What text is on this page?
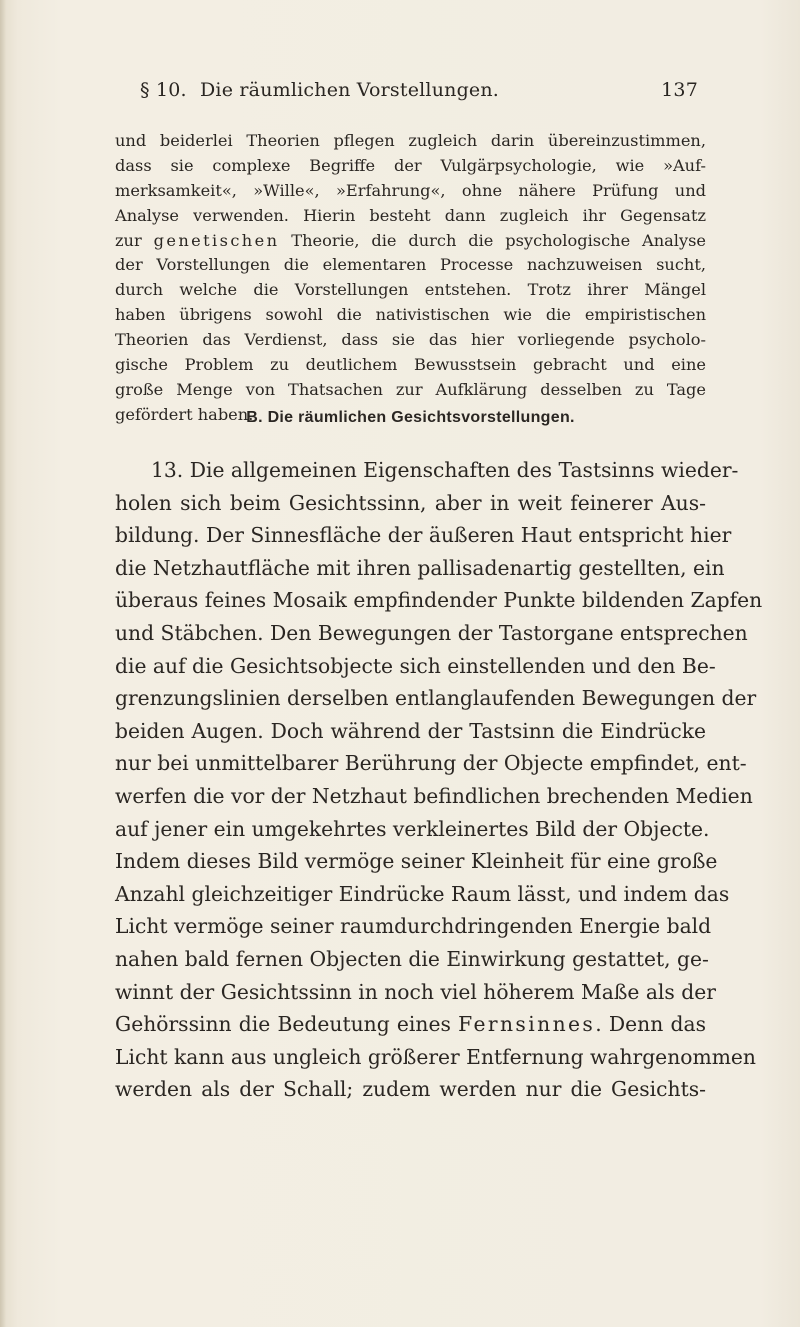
§ 10. Die räumlichen Vorstellungen.	137
und beiderlei Theorien pflegen zugleich darin übereinzustimmen,
dass sie complexe Begriffe der Vulgärpsychologie, wie »Auf-
merksamkeit«, »Wille«, »Erfahrung«, ohne nähere Prüfung und
Analyse verwenden. Hierin besteht dann zugleich ihr Gegensatz
zur genetischen Theorie, die durch die psychologische Analyse
der Vorstellungen die elementaren Processe nachzuweisen sucht,
durch welche die Vorstellungen entstehen. Trotz ihrer Mängel
haben übrigens sowohl die nativistischen wie die empiristischen
Theorien das Verdienst, dass sie das hier vorliegende psycholo-
gische Problem zu deutlichem Bewusstsein gebracht und eine
große Menge von Thatsachen zur Aufklärung desselben zu Tage
gefördert haben.
B. Die räumlichen Gesichtsvorstellungen.
13. Die allgemeinen Eigenschaften des Tastsinns wieder-
holen sich beim Gesichtssinn, aber in weit feinerer Aus-
bildung. Der Sinnesfläche der äußeren Haut entspricht hier
die Netzhautfläche mit ihren pallisadenartig gestellten, ein
überaus feines Mosaik empfindender Punkte bildenden Zapfen
und Stäbchen. Den Bewegungen der Tastorgane entsprechen
die auf die Gesichtsobjecte sich einstellenden und den Be-
grenzungslinien derselben entlanglaufenden Bewegungen der
beiden Augen. Doch während der Tastsinn die Eindrücke
nur bei unmittelbarer Berührung der Objecte empfindet, ent-
werfen die vor der Netzhaut befindlichen brechenden Medien
auf jener ein umgekehrtes verkleinertes Bild der Objecte.
Indem dieses Bild vermöge seiner Kleinheit für eine große
Anzahl gleichzeitiger Eindrücke Raum lässt, und indem das
Licht vermöge seiner raumdurchdringenden Energie bald
nahen bald fernen Objecten die Einwirkung gestattet, ge-
winnt der Gesichtssinn in noch viel höherem Maße als der
Gehörssinn die Bedeutung eines Fernsinnes. Denn das
Licht kann aus ungleich größerer Entfernung wahrgenommen
werden als der Schall; zudem werden nur die Gesichts-
